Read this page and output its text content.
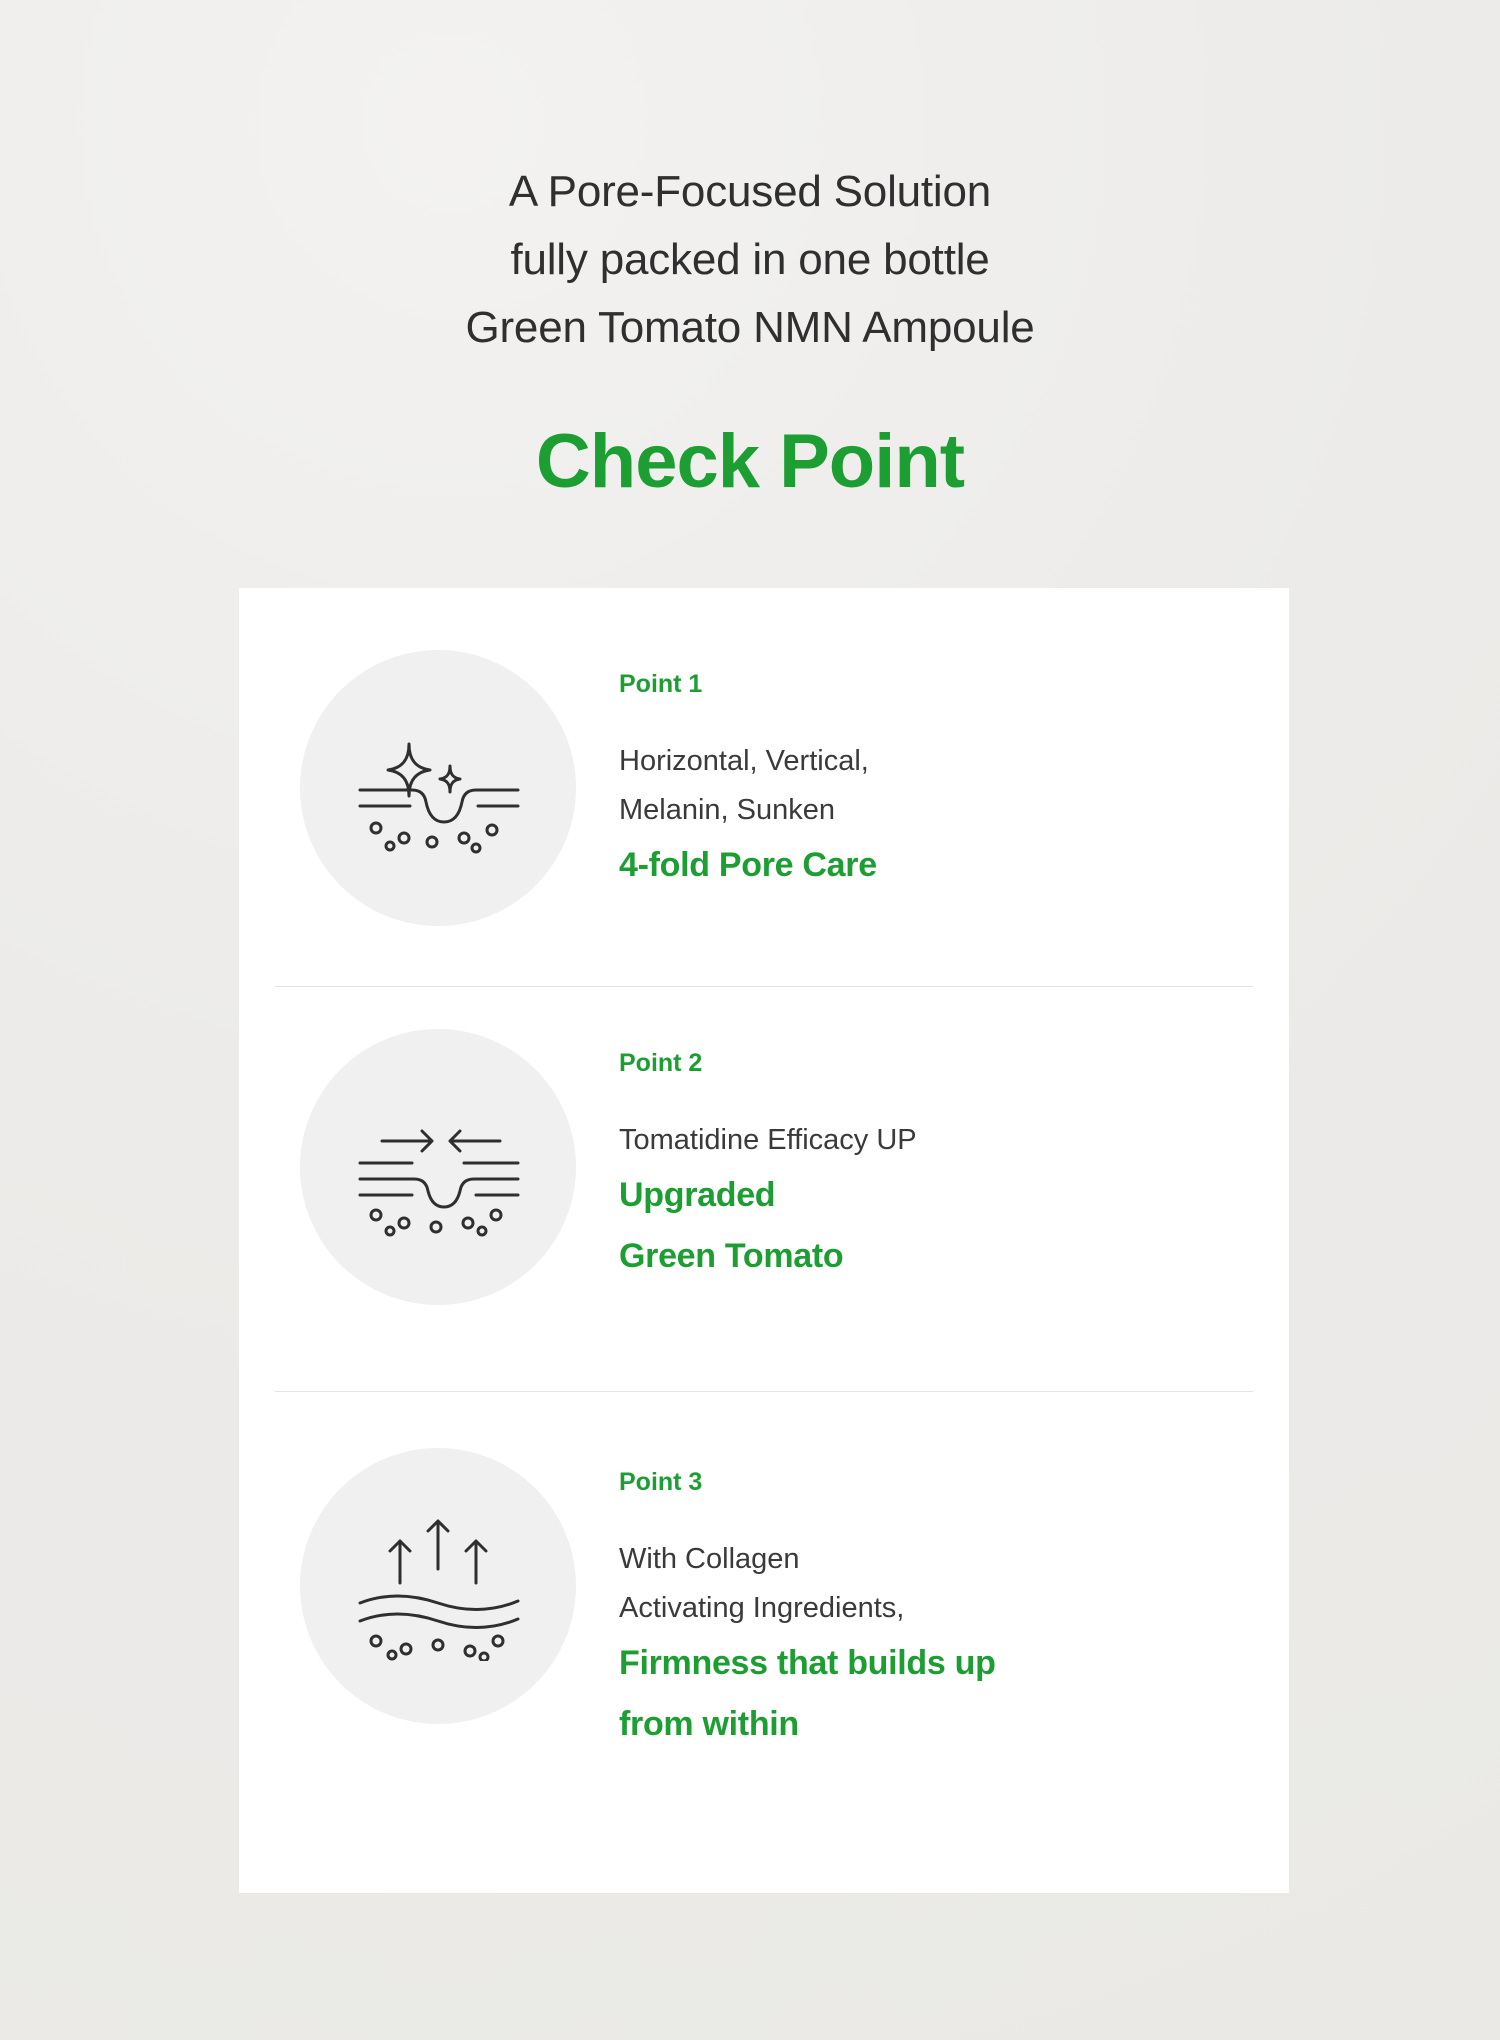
A Pore-Focused Solution
fully packed in one bottle
Green Tomato NMN Ampoule
Check Point
Point 1
Horizontal, Vertical,
Melanin, Sunken
4-fold Pore Care
Point 2
Tomatidine Efficacy UP
Upgraded
Green Tomato
Point 3
With Collagen
Activating Ingredients,
Firmness that builds up
from within
